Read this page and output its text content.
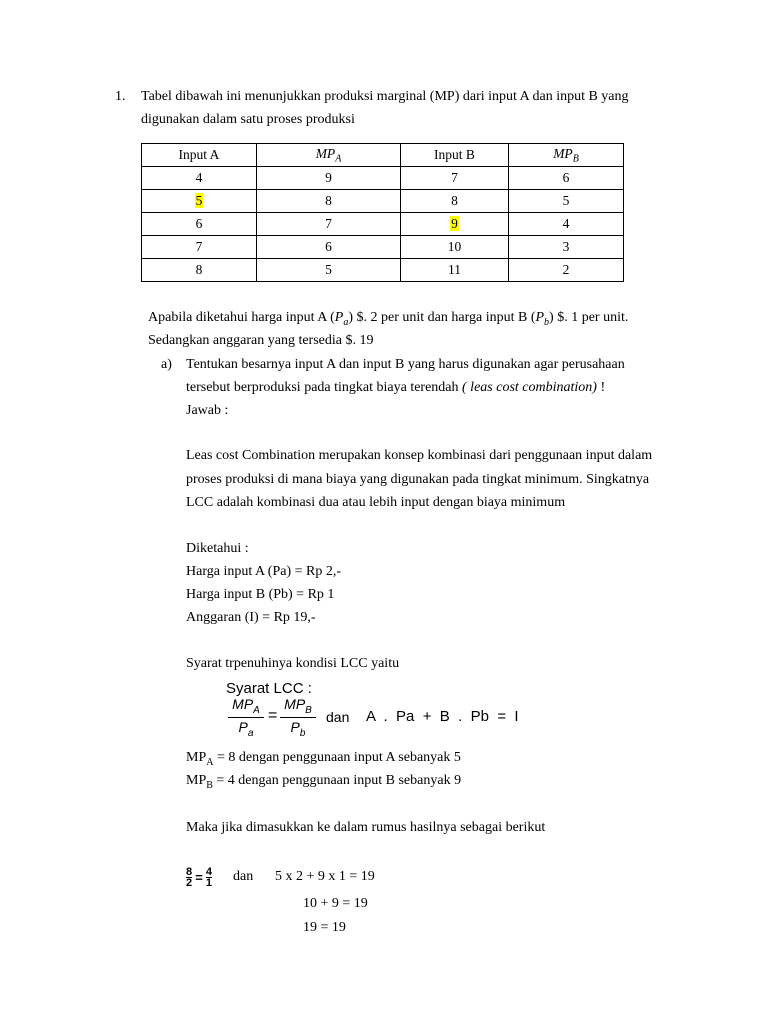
1. Tabel dibawah ini menunjukkan produksi marginal (MP) dari input A dan input B yang
digunakan dalam satu proses produksi
Input A	$MP_A$	Input B	$MP_B$
4	9	7	6
5	8	8	5
6	7	9	4
7	6	10	3
8	5	11	2
Apabila diketahui harga input A $(P_a)$ $. 2 per unit dan harga input B $(P_b)$ $. 1 per unit.
Sedangkan anggaran yang tersedia $. 19
a) Tentukan besarnya input A dan input B yang harus digunakan agar perusahaan
tersebut berproduksi pada tingkat biaya terendah ( leas cost combination) !
Jawab :
Leas cost Combination merupakan konsep kombinasi dari penggunaan input dalam
proses produksi di mana biaya yang digunakan pada tingkat minimum. Singkatnya
LCC adalah kombinasi dua atau lebih input dengan biaya minimum
Diketahui :
Harga input A (Pa) = Rp 2,-
Harga input B (Pb) = Rp 1
Anggaran (I) = Rp 19,-
Syarat trpenuhinya kondisi LCC yaitu
Syarat LCC :
$MP_A$
$P_a$
=
$MP_B$
$P_b$
dan A  .  Pa  +  B  .  Pb  =  I
$MP_A = 8$ dengan penggunaan input A sebanyak 5
$MP_B = 4$ dengan penggunaan input B sebanyak 9
Maka jika dimasukkan ke dalam rumus hasilnya sebagai berikut
$\frac{8}{2} = \frac{4}{1}$ dan 5 x 2 + 9 x 1 = 19
10 + 9 = 19
19 = 19
